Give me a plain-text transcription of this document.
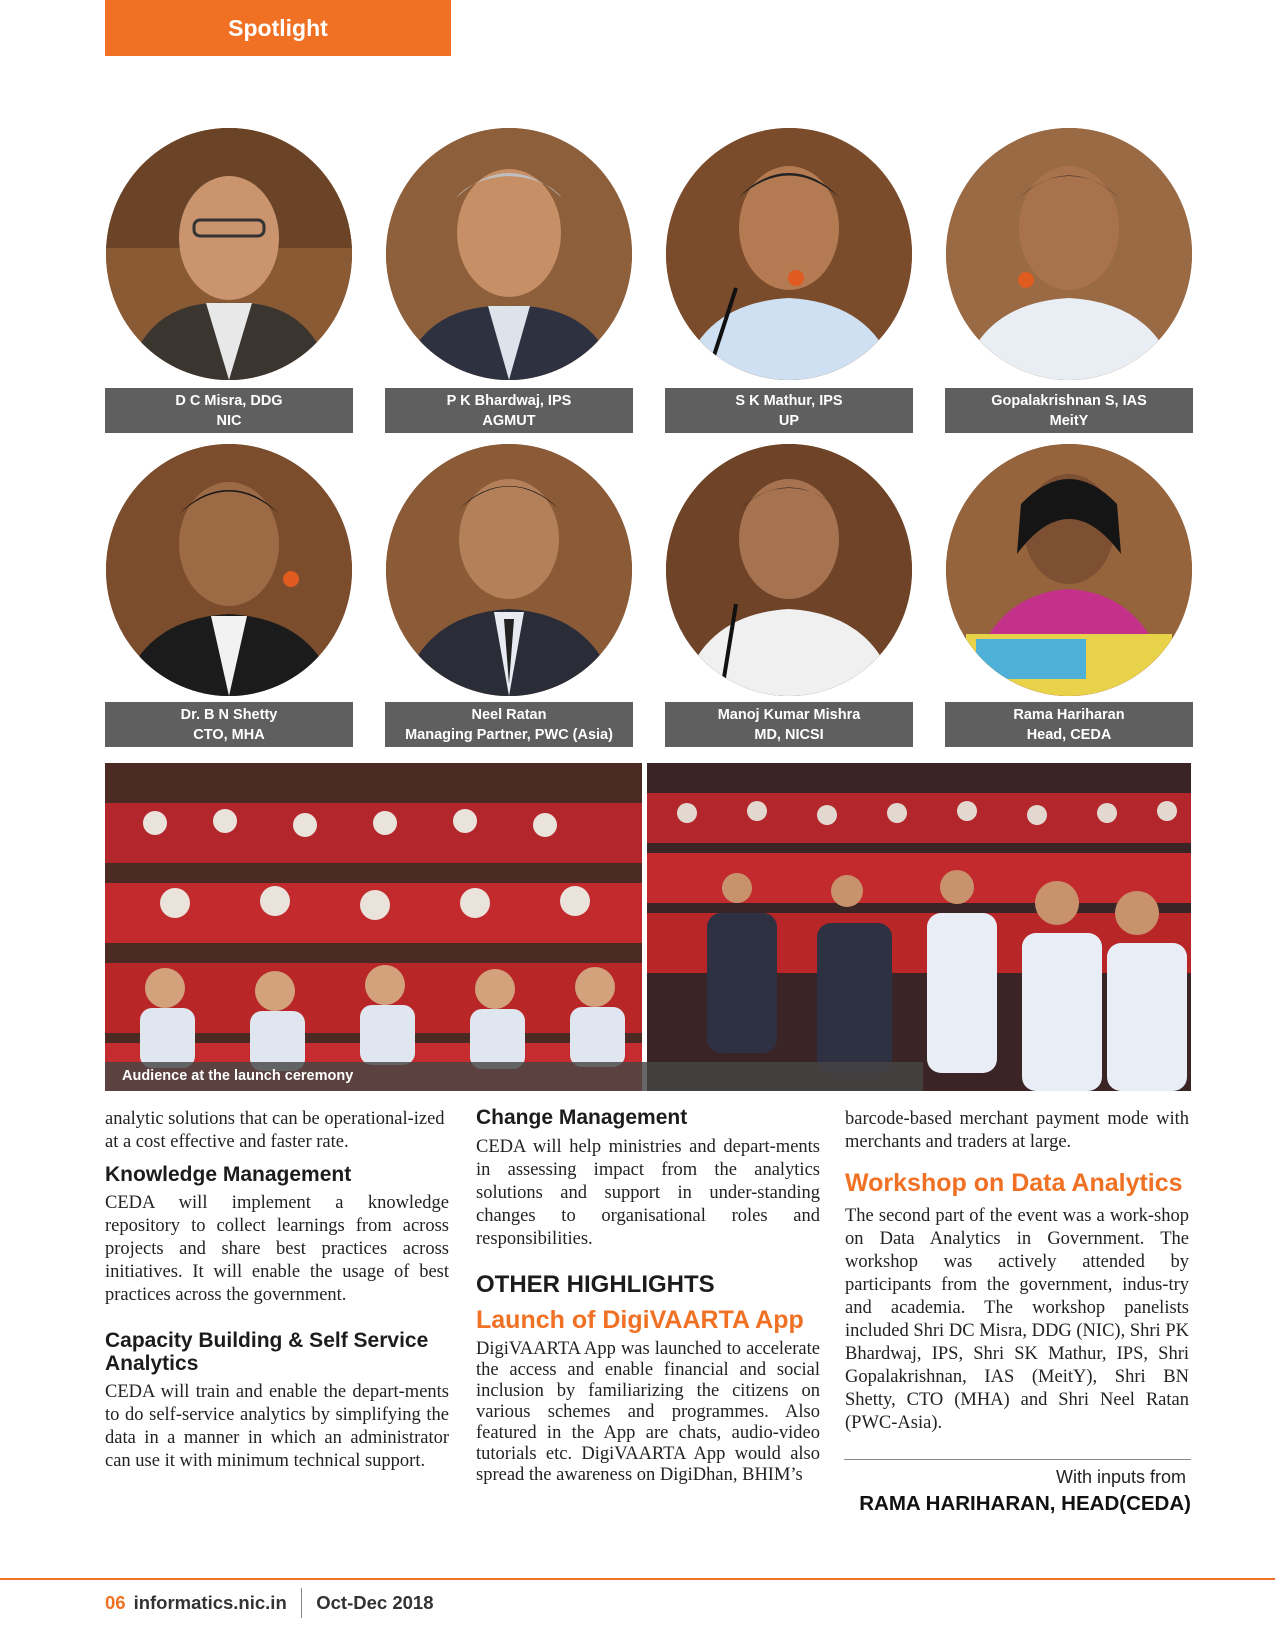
Spotlight
D C Misra, DDG
NIC
P K Bhardwaj, IPS
AGMUT
S K Mathur, IPS
UP
Gopalakrishnan S, IAS
MeitY
Dr. B N Shetty
CTO, MHA
Neel Ratan
Managing Partner, PWC (Asia)
Manoj Kumar Mishra
MD, NICSI
Rama Hariharan
Head, CEDA
Audience at the launch ceremony

analytic solutions that can be operational-ized at a cost effective and faster rate.

Knowledge Management

CEDA will implement a knowledge repository to collect learnings from across projects and share best practices across initiatives. It will enable the usage of best practices across the government.

Capacity Building & Self Service Analytics

CEDA will train and enable the depart-ments to do self-service analytics by simplifying the data in a manner in which an administrator can use it with minimum technical support.

Change Management

CEDA will help ministries and depart-ments in assessing impact from the analytics solutions and support in under-standing changes to organisational roles and responsibilities.

OTHER HIGHLIGHTS
Launch of DigiVAARTA App

DigiVAARTA App was launched to accelerate the access and enable financial and social inclusion by familiarizing the citizens on various schemes and programmes. Also featured in the App are chats, audio-video tutorials etc. DigiVAARTA App would also spread the awareness on DigiDhan, BHIM’s

barcode-based merchant payment mode with merchants and traders at large.

Workshop on Data Analytics

The second part of the event was a work-shop on Data Analytics in Government. The workshop was actively attended by participants from the government, indus-try and academia. The workshop panelists included Shri DC Misra, DDG (NIC), Shri PK Bhardwaj, IPS, Shri SK Mathur, IPS, Shri Gopalakrishnan, IAS (MeitY), Shri BN Shetty, CTO (MHA) and Shri Neel Ratan (PWC-Asia).

With inputs from
RAMA HARIHARAN, HEAD(CEDA)
06 informatics.nic.in Oct-Dec 2018
